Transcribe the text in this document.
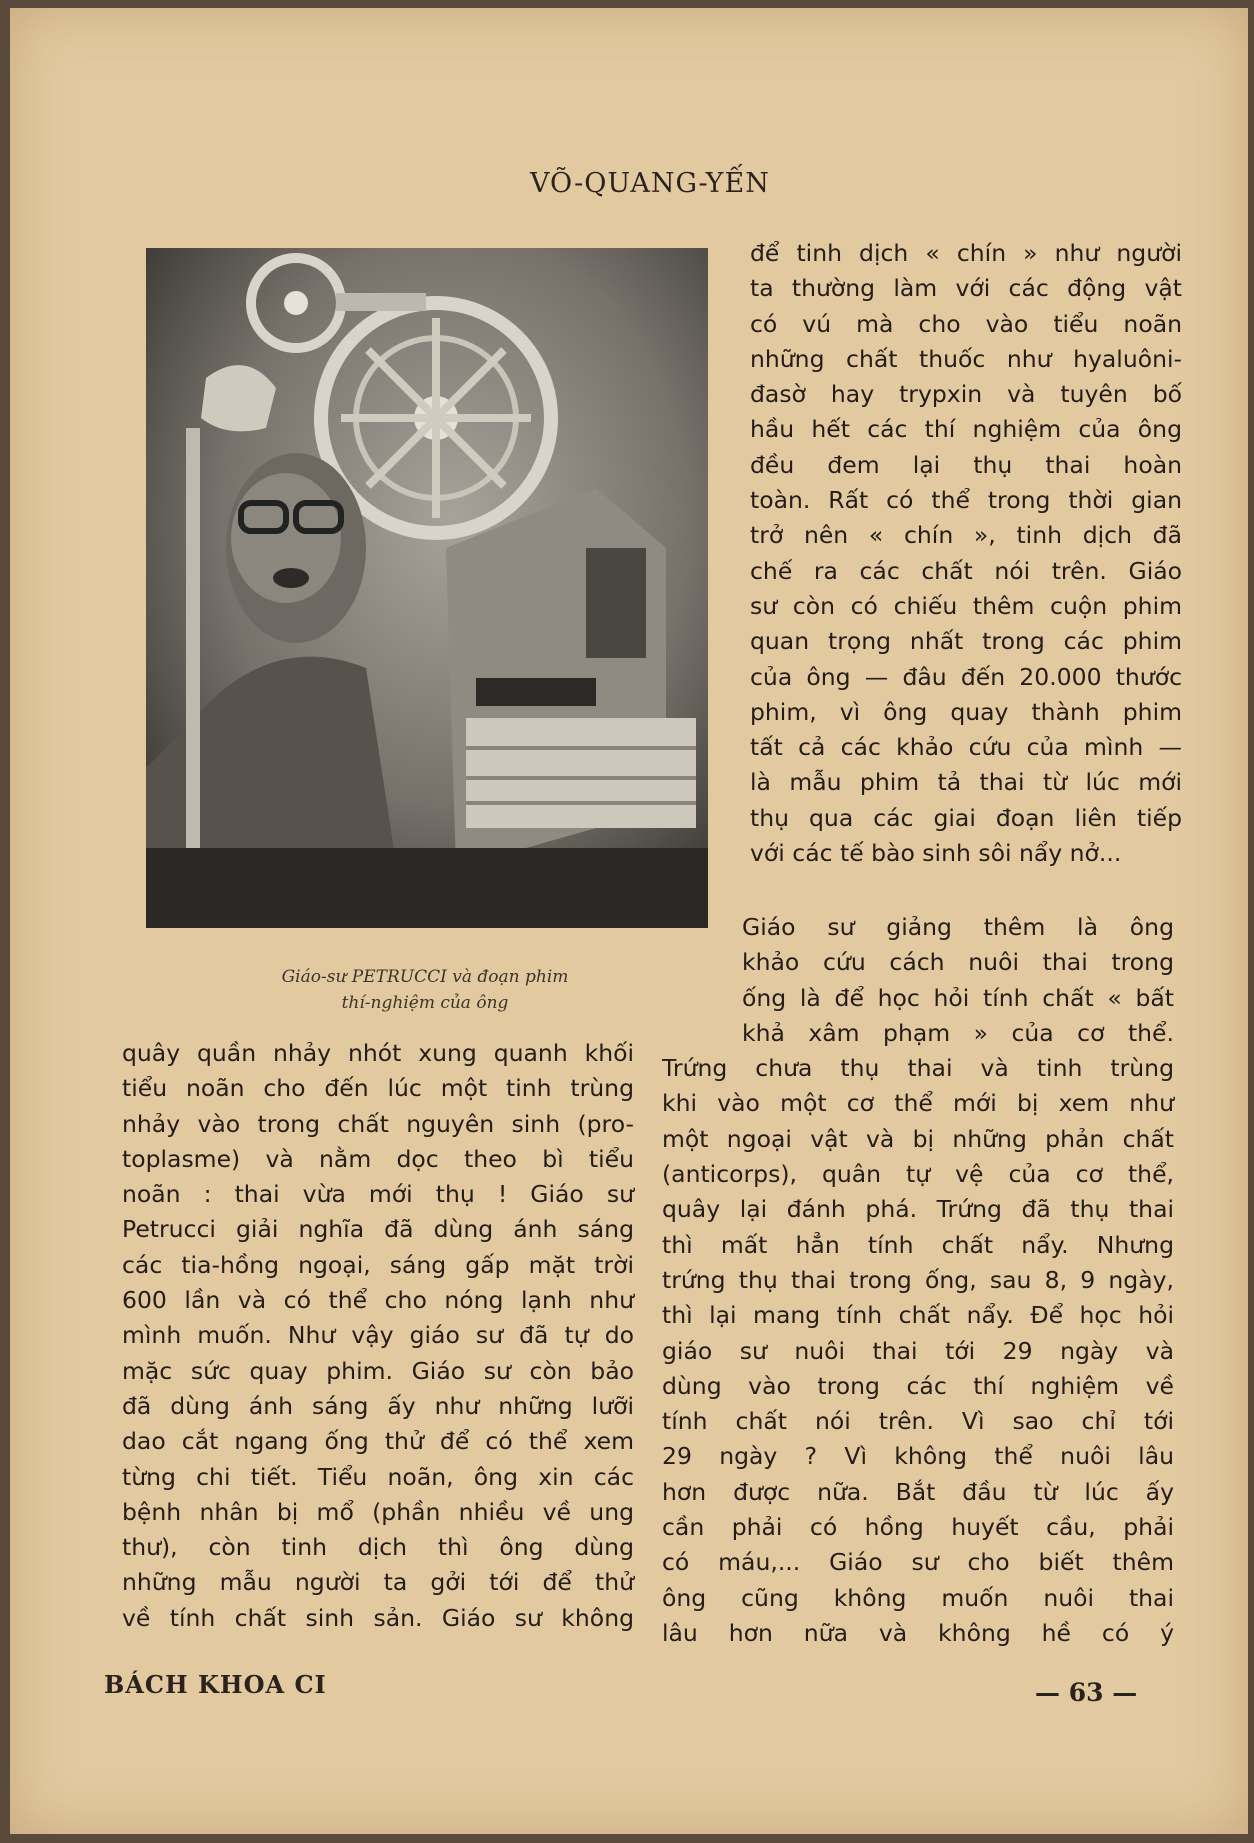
VÕ-QUANG-YẾN
Giáo-sư PETRUCCI và đoạn phim
thí-nghiệm của ông
để tinh dịch « chín » như người
ta thường làm với các động vật
có vú mà cho vào tiểu noãn
những chất thuốc như hyaluôni-
đasờ hay trypxin và tuyên bố
hầu hết các thí nghiệm của ông
đều đem lại thụ thai hoàn
toàn. Rất có thể trong thời gian
trở nên « chín », tinh dịch đã
chế ra các chất nói trên. Giáo
sư còn có chiếu thêm cuộn phim
quan trọng nhất trong các phim
của ông — đâu đến 20.000 thước
phim, vì ông quay thành phim
tất cả các khảo cứu của mình —
là mẫu phim tả thai từ lúc mới
thụ qua các giai đoạn liên tiếp
với các tế bào sinh sôi nẩy nở...
Giáo sư giảng thêm là ông
khảo cứu cách nuôi thai trong
ống là để học hỏi tính chất « bất
khả xâm phạm » của cơ thể.
Trứng chưa thụ thai và tinh trùng
khi vào một cơ thể mới bị xem như
một ngoại vật và bị những phản chất
(anticorps), quân tự vệ của cơ thể,
quây lại đánh phá. Trứng đã thụ thai
thì mất hẳn tính chất nẩy. Nhưng
trứng thụ thai trong ống, sau 8, 9 ngày,
thì lại mang tính chất nẩy. Để học hỏi
giáo sư nuôi thai tới 29 ngày và
dùng vào trong các thí nghiệm về
tính chất nói trên. Vì sao chỉ tới
29 ngày ? Vì không thể nuôi lâu
hơn được nữa. Bắt đầu từ lúc ấy
cần phải có hồng huyết cầu, phải
có máu,... Giáo sư cho biết thêm
ông cũng không muốn nuôi thai
lâu hơn nữa và không hề có ý
quây quần nhảy nhót xung quanh khối
tiểu noãn cho đến lúc một tinh trùng
nhảy vào trong chất nguyên sinh (pro-
toplasme) và nằm dọc theo bì tiểu
noãn : thai vừa mới thụ ! Giáo sư
Petrucci giải nghĩa đã dùng ánh sáng
các tia-hồng ngoại, sáng gấp mặt trời
600 lần và có thể cho nóng lạnh như
mình muốn. Như vậy giáo sư đã tự do
mặc sức quay phim. Giáo sư còn bảo
đã dùng ánh sáng ấy như những lưỡi
dao cắt ngang ống thử để có thể xem
từng chi tiết. Tiểu noãn, ông xin các
bệnh nhân bị mổ (phần nhiều về ung
thư), còn tinh dịch thì ông dùng
những mẫu người ta gởi tới để thử
về tính chất sinh sản. Giáo sư không
BÁCH KHOA CI	— 63 —
